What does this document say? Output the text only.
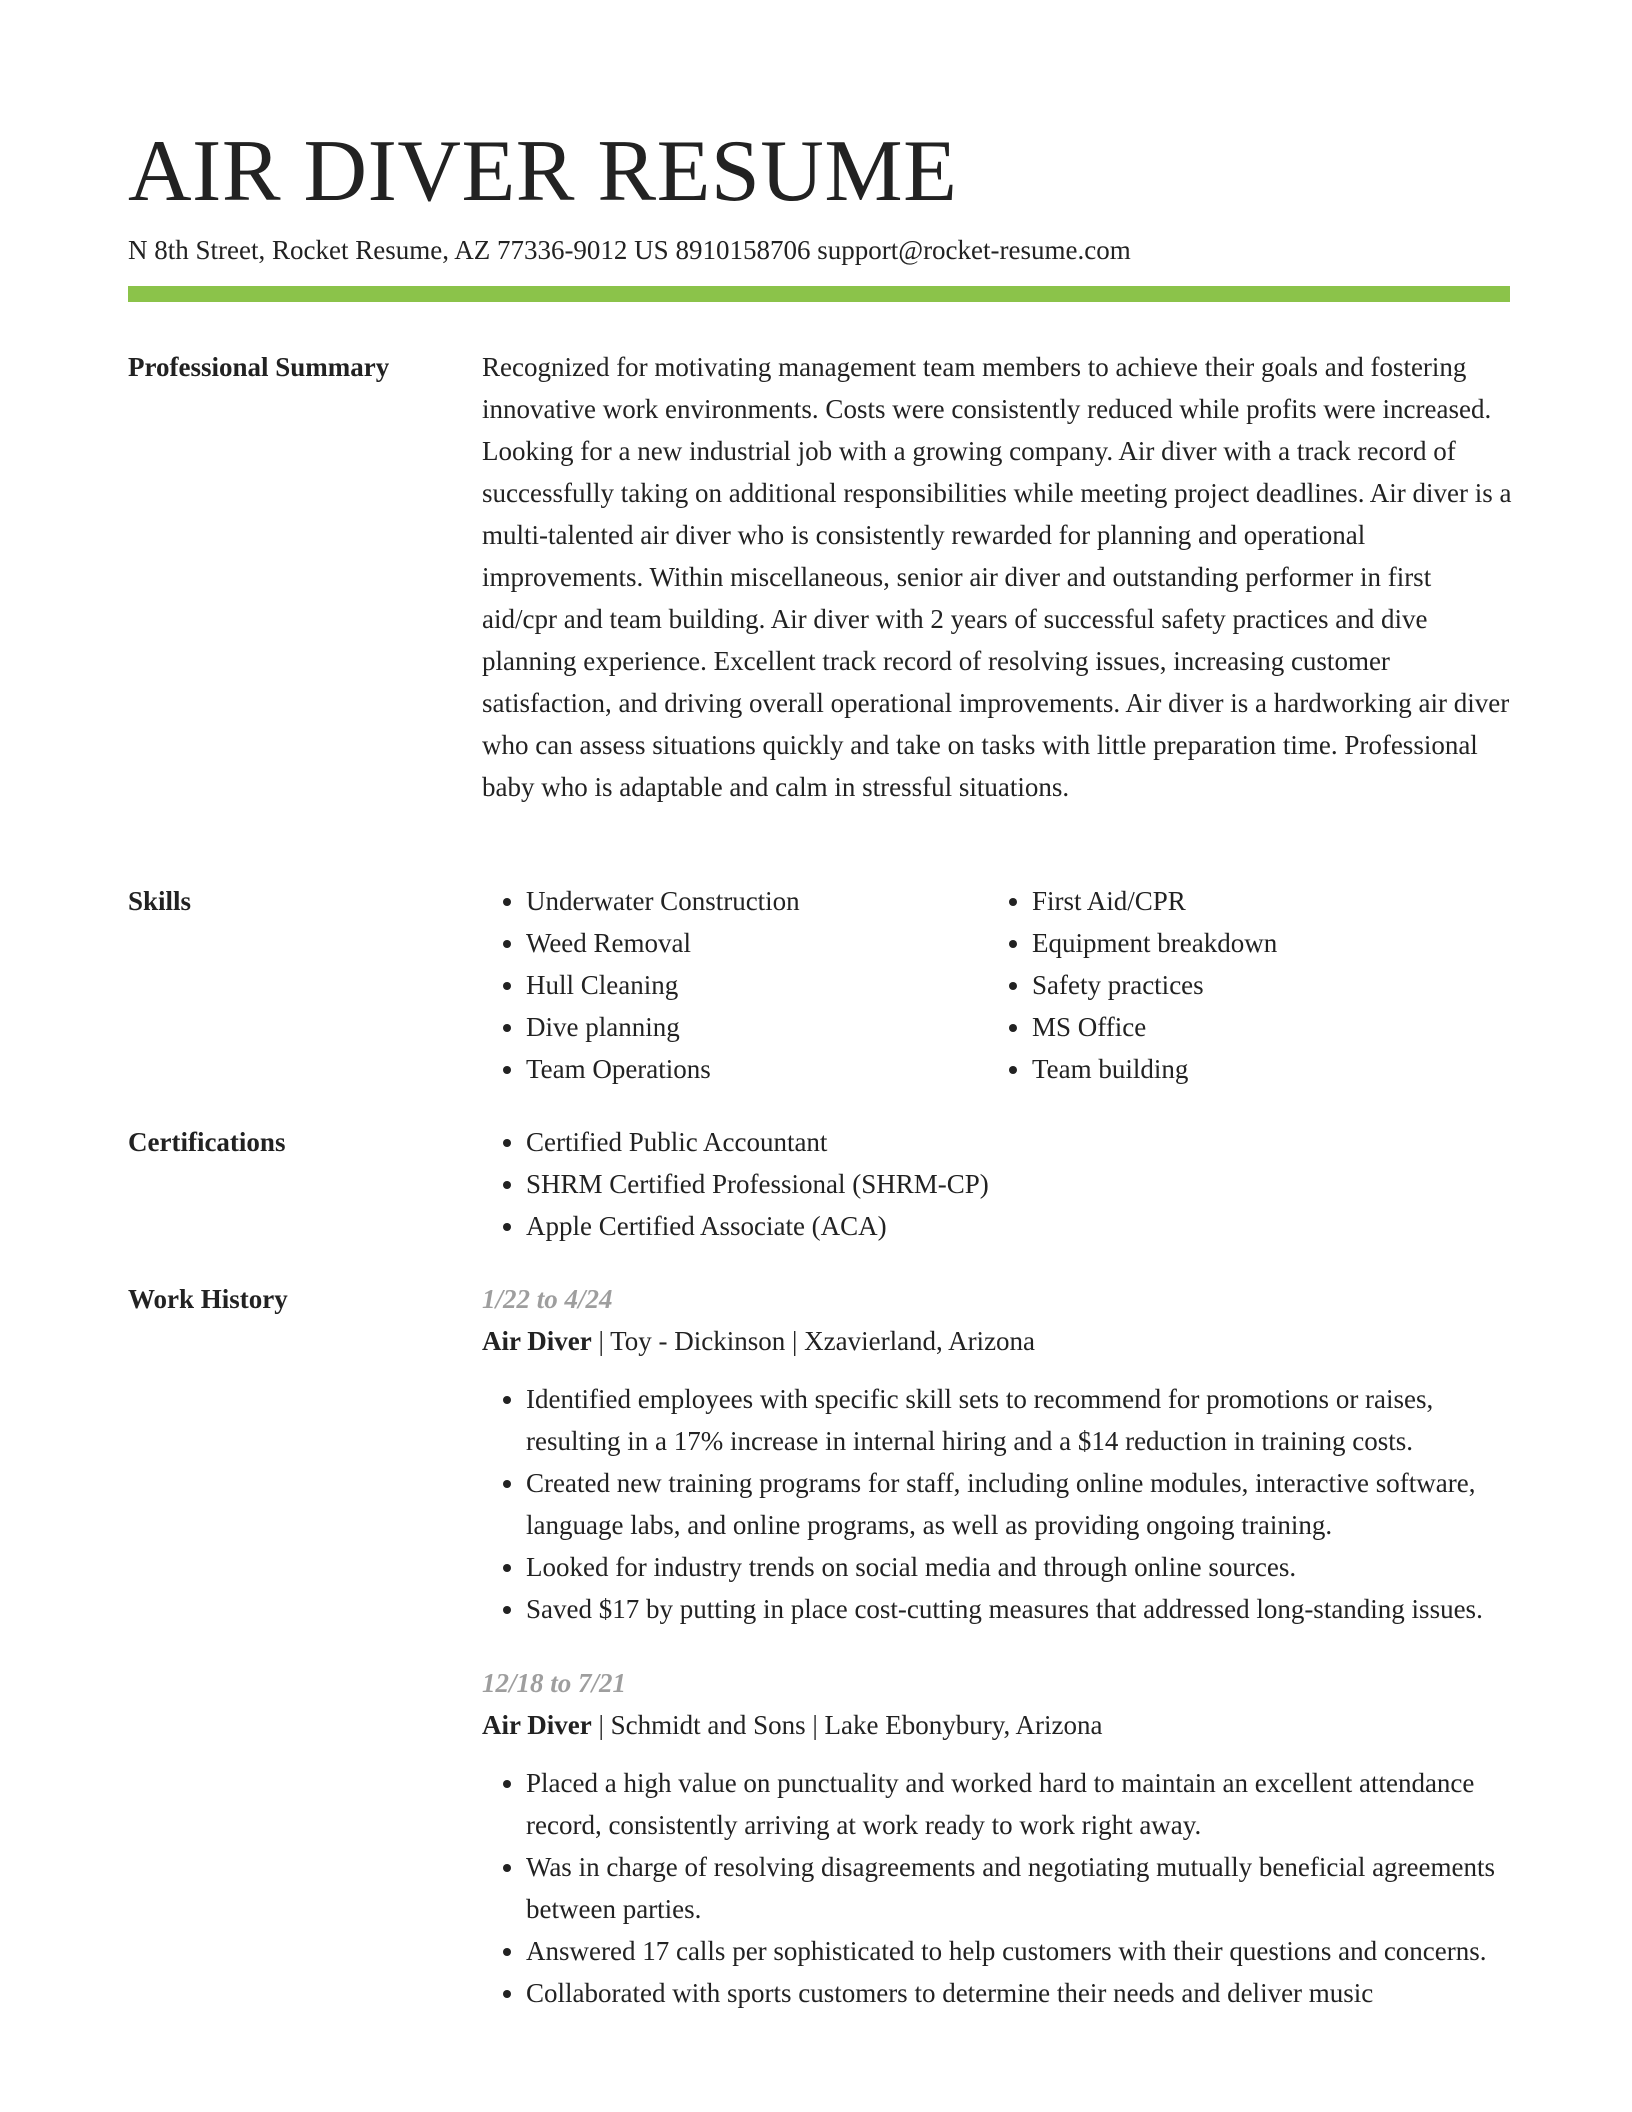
AIR DIVER RESUME
N 8th Street, Rocket Resume, AZ 77336-9012 US 8910158706 support@rocket-resume.com
Professional Summary	Recognized for motivating management team members to achieve their goals and fostering innovative work environments. Costs were consistently reduced while profits were increased. Looking for a new industrial job with a growing company. Air diver with a track record of successfully taking on additional responsibilities while meeting project deadlines. Air diver is a multi-talented air diver who is consistently rewarded for planning and operational improvements. Within miscellaneous, senior air diver and outstanding performer in first aid/cpr and team building. Air diver with 2 years of successful safety practices and dive planning experience. Excellent track record of resolving issues, increasing customer satisfaction, and driving overall operational improvements. Air diver is a hardworking air diver who can assess situations quickly and take on tasks with little preparation time. Professional baby who is adaptable and calm in stressful situations.

Skills	• Underwater Construction
• Weed Removal
• Hull Cleaning
• Dive planning
• Team Operations
• First Aid/CPR
• Equipment breakdown
• Safety practices
• MS Office
• Team building
Certifications	• Certified Public Accountant
• SHRM Certified Professional (SHRM-CP)
• Apple Certified Associate (ACA)
Work History	1/22 to 4/24
Air Diver | Toy - Dickinson | Xzavierland, Arizona
• Identified employees with specific skill sets to recommend for promotions or raises, resulting in a 17% increase in internal hiring and a $14 reduction in training costs.
• Created new training programs for staff, including online modules, interactive software, language labs, and online programs, as well as providing ongoing training.
• Looked for industry trends on social media and through online sources.
• Saved $17 by putting in place cost-cutting measures that addressed long-standing issues.
12/18 to 7/21
Air Diver | Schmidt and Sons | Lake Ebonybury, Arizona
• Placed a high value on punctuality and worked hard to maintain an excellent attendance record, consistently arriving at work ready to work right away.
• Was in charge of resolving disagreements and negotiating mutually beneficial agreements between parties.
• Answered 17 calls per sophisticated to help customers with their questions and concerns.
• Collaborated with sports customers to determine their needs and deliver music
